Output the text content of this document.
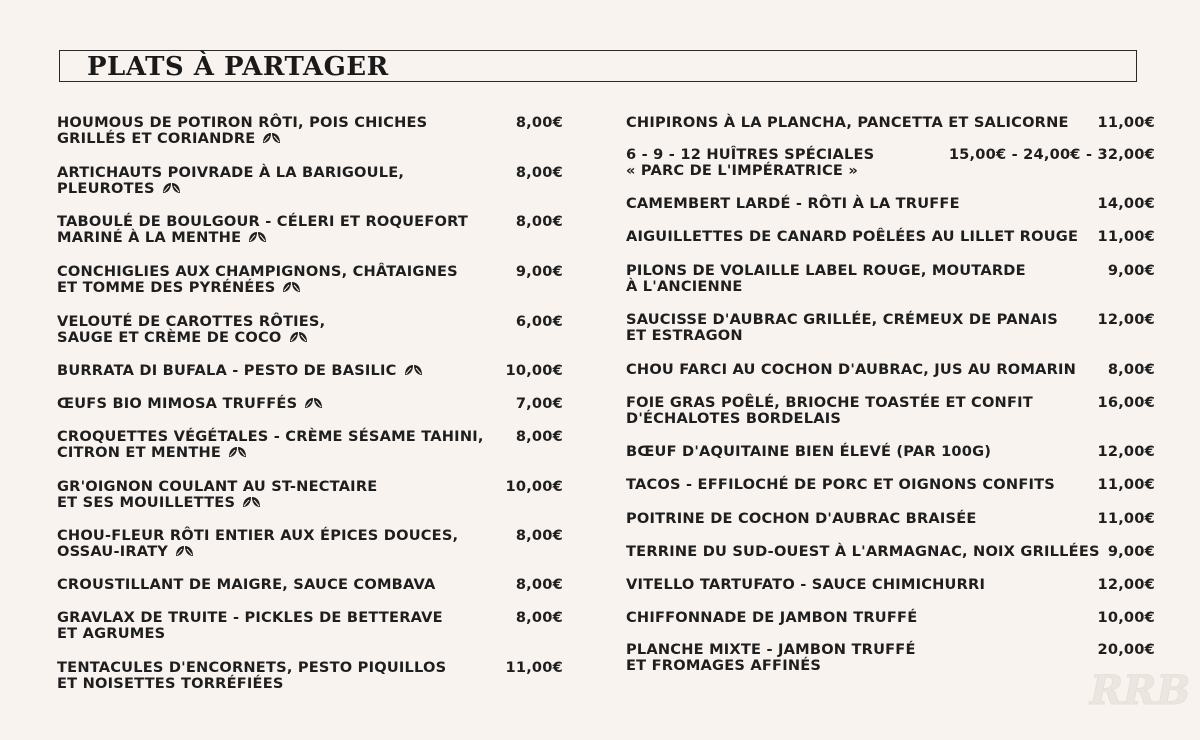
PLATS À PARTAGER
RRB
HOUMOUS DE POTIRON RÔTI, POIS CHICHES
GRILLÉS ET CORIANDRE
8,00€
ARTICHAUTS POIVRADE À LA BARIGOULE,
PLEUROTES
8,00€
TABOULÉ DE BOULGOUR - CÉLERI ET ROQUEFORT
MARINÉ À LA MENTHE
8,00€
CONCHIGLIES AUX CHAMPIGNONS, CHÂTAIGNES
ET TOMME DES PYRÉNÉES
9,00€
VELOUTÉ DE CAROTTES RÔTIES,
SAUGE ET CRÈME DE COCO
6,00€
BURRATA DI BUFALA - PESTO DE BASILIC	10,00€
ŒUFS BIO MIMOSA TRUFFÉS	7,00€
CROQUETTES VÉGÉTALES - CRÈME SÉSAME TAHINI,
CITRON ET MENTHE
8,00€
GR'OIGNON COULANT AU ST-NECTAIRE
ET SES MOUILLETTES
10,00€
CHOU-FLEUR RÔTI ENTIER AUX ÉPICES DOUCES,
OSSAU-IRATY
8,00€
CROUSTILLANT DE MAIGRE, SAUCE COMBAVA	8,00€
GRAVLAX DE TRUITE - PICKLES DE BETTERAVE
ET AGRUMES
8,00€
TENTACULES D'ENCORNETS, PESTO PIQUILLOS
ET NOISETTES TORRÉFIÉES
11,00€
CHIPIRONS À LA PLANCHA, PANCETTA ET SALICORNE	11,00€
6 - 9 - 12 HUÎTRES SPÉCIALES
« PARC DE L'IMPÉRATRICE »
15,00€ - 24,00€ - 32,00€
CAMEMBERT LARDÉ - RÔTI À LA TRUFFE	14,00€
AIGUILLETTES DE CANARD POÊLÉES AU LILLET ROUGE	11,00€
PILONS DE VOLAILLE LABEL ROUGE, MOUTARDE
À L'ANCIENNE
9,00€
SAUCISSE D'AUBRAC GRILLÉE, CRÉMEUX DE PANAIS
ET ESTRAGON
12,00€
CHOU FARCI AU COCHON D'AUBRAC, JUS AU ROMARIN	8,00€
FOIE GRAS POÊLÉ, BRIOCHE TOASTÉE ET CONFIT
D'ÉCHALOTES BORDELAIS
16,00€
BŒUF D'AQUITAINE BIEN ÉLEVÉ (PAR 100G)	12,00€
TACOS - EFFILOCHÉ DE PORC ET OIGNONS CONFITS	11,00€
POITRINE DE COCHON D'AUBRAC BRAISÉE	11,00€
TERRINE DU SUD-OUEST À L'ARMAGNAC, NOIX GRILLÉES 9,00€
VITELLO TARTUFATO - SAUCE CHIMICHURRI	12,00€
CHIFFONNADE DE JAMBON TRUFFÉ	10,00€
PLANCHE MIXTE - JAMBON TRUFFÉ
ET FROMAGES AFFINÉS
20,00€
